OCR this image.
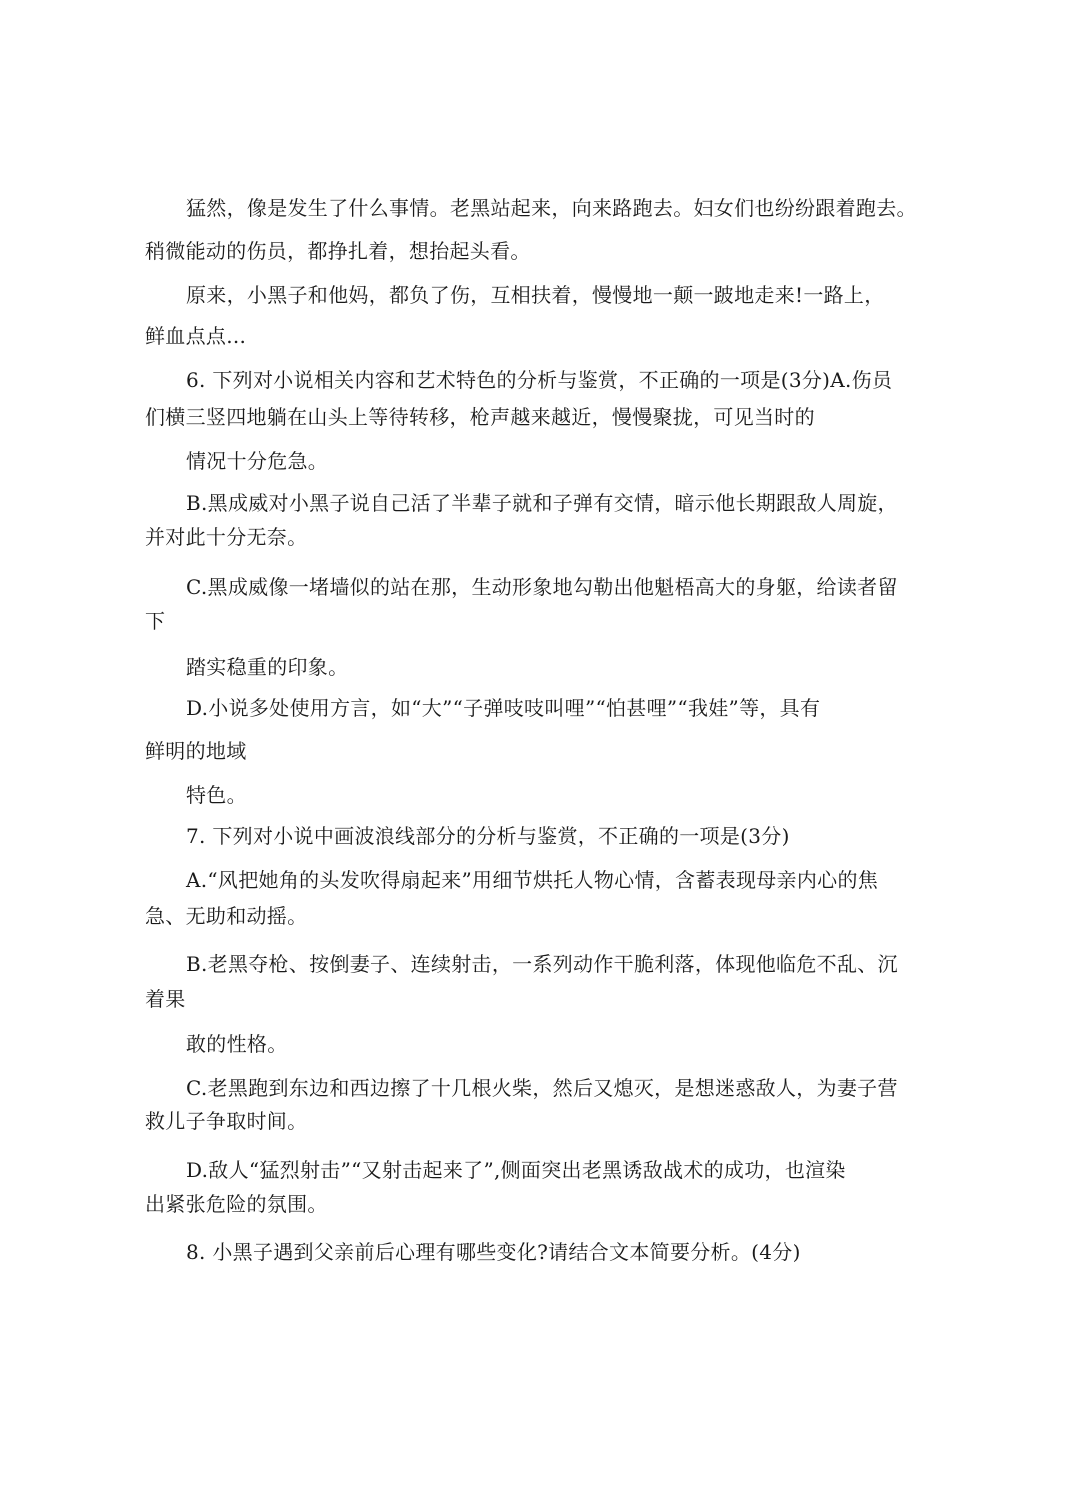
猛然，像是发生了什么事情。老黑站起来，向来路跑去。妇女们也纷纷跟着跑去。
稍微能动的伤员，都挣扎着，想抬起头看。
原来，小黑子和他妈，都负了伤，互相扶着，慢慢地一颠一跛地走来!一路上，
鲜血点点...
6. 下列对小说相关内容和艺术特色的分析与鉴赏，不正确的一项是(3分)A.伤员
们横三竖四地躺在山头上等待转移，枪声越来越近，慢慢聚拢，可见当时的
情况十分危急。
B.黑成威对小黑子说自己活了半辈子就和子弹有交情，暗示他长期跟敌人周旋，
并对此十分无奈。
C.黑成威像一堵墙似的站在那，生动形象地勾勒出他魁梧高大的身躯，给读者留
下
踏实稳重的印象。
D.小说多处使用方言，如“大”“子弹吱吱叫哩”“怕甚哩”“我娃”等，具有
鲜明的地域
特色。
7. 下列对小说中画波浪线部分的分析与鉴赏，不正确的一项是(3分)
A.“风把她角的头发吹得扇起来”用细节烘托人物心情，含蓄表现母亲内心的焦
急、无助和动摇。
B.老黑夺枪、按倒妻子、连续射击，一系列动作干脆利落，体现他临危不乱、沉
着果
敢的性格。
C.老黑跑到东边和西边擦了十几根火柴，然后又熄灭，是想迷惑敌人，为妻子营
救儿子争取时间。
D.敌人“猛烈射击”“又射击起来了”,侧面突出老黑诱敌战术的成功，也渲染
出紧张危险的氛围。
8. 小黑子遇到父亲前后心理有哪些变化?请结合文本简要分析。(4分)
